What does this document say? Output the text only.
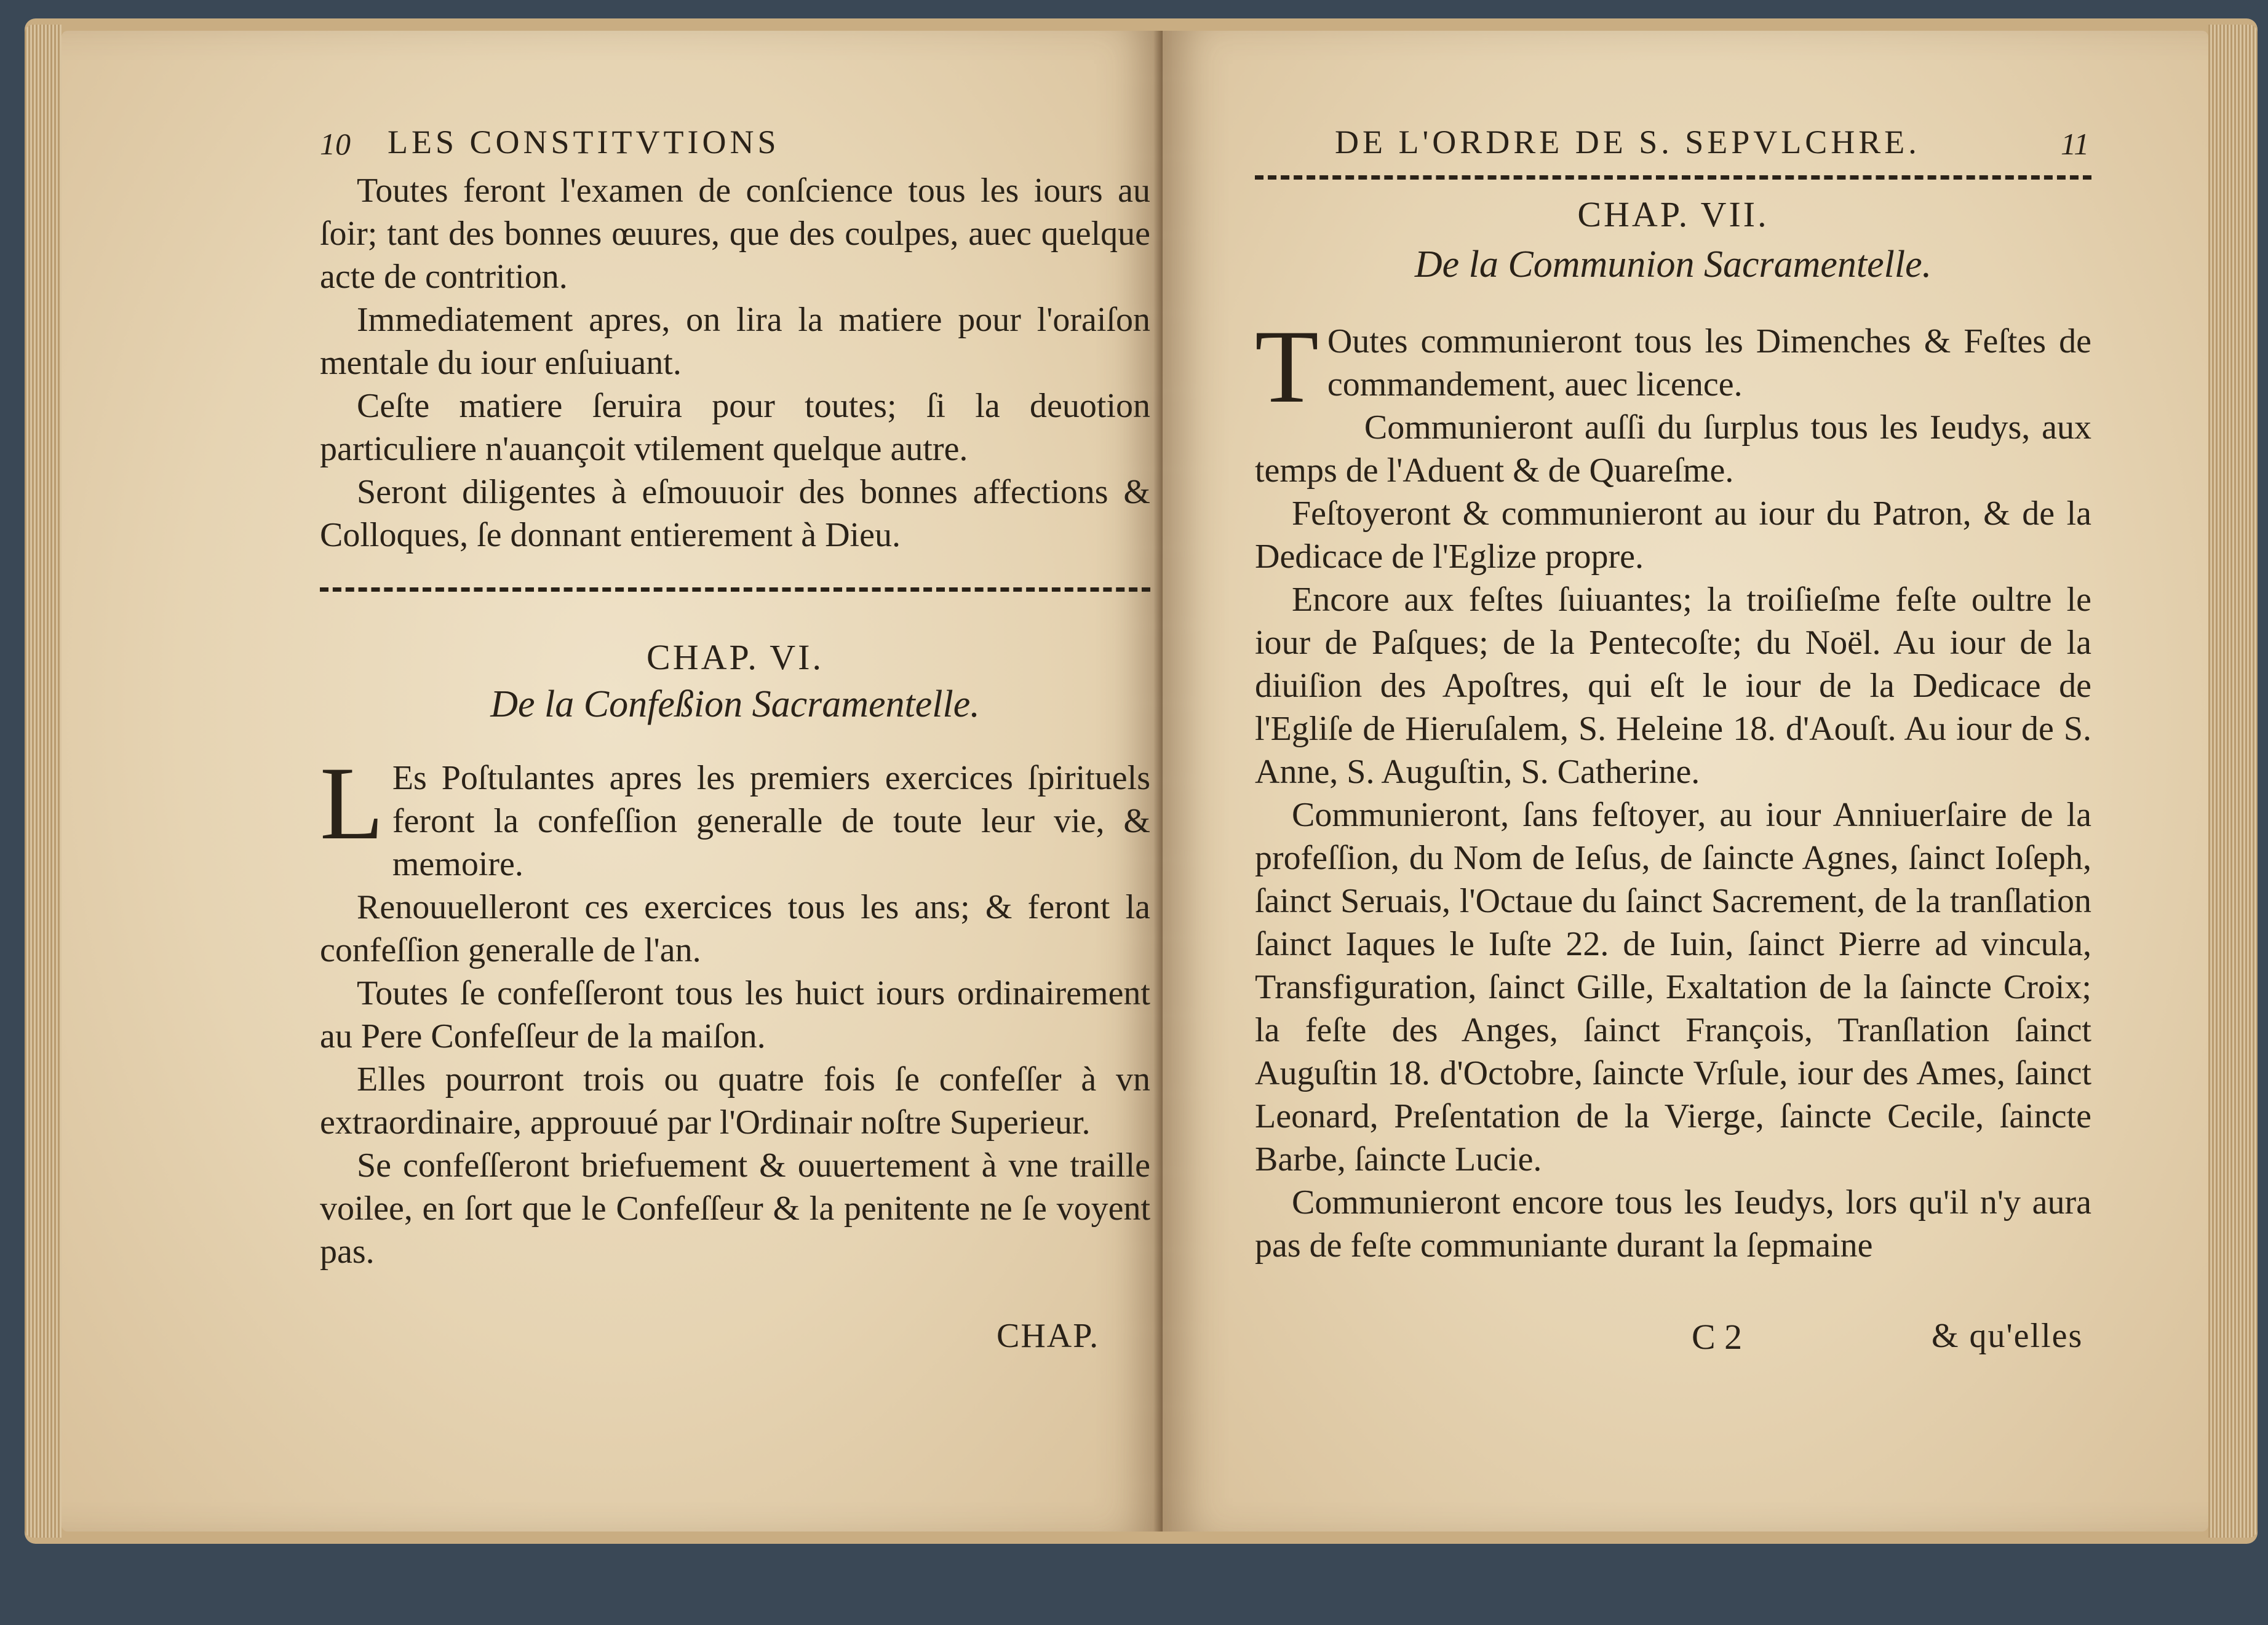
10 LES CONSTITVTIONS

Toutes feront l'examen de conſcience tous les iours au ſoir; tant des bonnes œuures, que des coulpes, auec quelque acte de contrition.

Immediatement apres, on lira la matiere pour l'oraiſon mentale du iour enſuiuant.

Ceſte matiere ſeruira pour toutes; ſi la deuotion particuliere n'auançoit vtilement quelque autre.

Seront diligentes à eſmouuoir des bonnes affections & Colloques, ſe donnant entierement à Dieu.

CHAP. VI.
De la Confeßion Sacramentelle.

L Es Poſtulantes apres les premiers exercices ſpirituels feront la confeſſion generalle de toute leur vie, & memoire.

Renouuelleront ces exercices tous les ans; & feront la confeſſion generalle de l'an.

Toutes ſe confeſſeront tous les huict iours ordinairement au Pere Confeſſeur de la maiſon.

Elles pourront trois ou quatre fois ſe confeſſer à vn extraordinaire, approuué par l'Ordinair noſtre Superieur.

Se confeſſeront briefuement & ouuertement à vne traille voilee, en ſort que le Confeſſeur & la penitente ne ſe voyent pas.

CHAP.
DE L'ORDRE DE S. SEPVLCHRE.	11
CHAP. VII.
De la Communion Sacramentelle.

T Outes communieront tous les Dimenches & Feſtes de commandement, auec licence.

Communieront auſſi du ſurplus tous les Ieudys, aux temps de l'Aduent & de Quareſme.

Feſtoyeront & communieront au iour du Patron, & de la Dedicace de l'Eglize propre.

Encore aux feſtes ſuiuantes; la troiſieſme feſte oultre le iour de Paſques; de la Pentecoſte; du Noël. Au iour de la diuiſion des Apoſtres, qui eſt le iour de la Dedicace de l'Egliſe de Hieruſalem, S. Heleine 18. d'Aouſt. Au iour de S. Anne, S. Auguſtin, S. Catherine.

Communieront, ſans feſtoyer, au iour Anniuerſaire de la profeſſion, du Nom de Ieſus, de ſaincte Agnes, ſainct Ioſeph, ſainct Seruais, l'Octaue du ſainct Sacrement, de la tranſlation ſainct Iaques le Iuſte 22. de Iuin, ſainct Pierre ad vincula, Transfiguration, ſainct Gille, Exaltation de la ſaincte Croix; la feſte des Anges, ſainct François, Tranſlation ſainct Auguſtin 18. d'Octobre, ſaincte Vrſule, iour des Ames, ſainct Leonard, Preſentation de la Vierge, ſaincte Cecile, ſaincte Barbe, ſaincte Lucie.

Communieront encore tous les Ieudys, lors qu'il n'y aura pas de feſte communiante durant la ſepmaine

C 2	& qu'elles
